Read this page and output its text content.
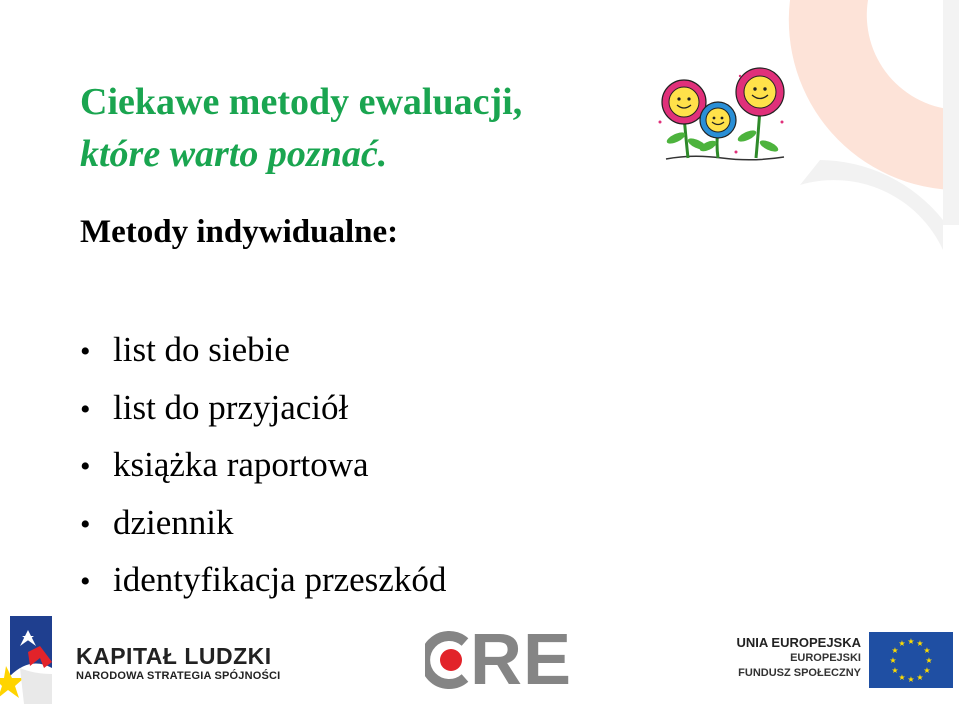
Ciekawe metody ewaluacji,
które warto poznać.
Metody indywidualne:
• list do siebie
• list do przyjaciół
• książka raportowa
• dziennik
• identyfikacja przeszkód
KAPITAŁ LUDZKI
NARODOWA STRATEGIA SPÓJNOŚCI	RE	UNIA EUROPEJSKA
EUROPEJSKI
FUNDUSZ SPOŁECZNY
★ ★
★
★
★
★
★
★
★
★
★
★
